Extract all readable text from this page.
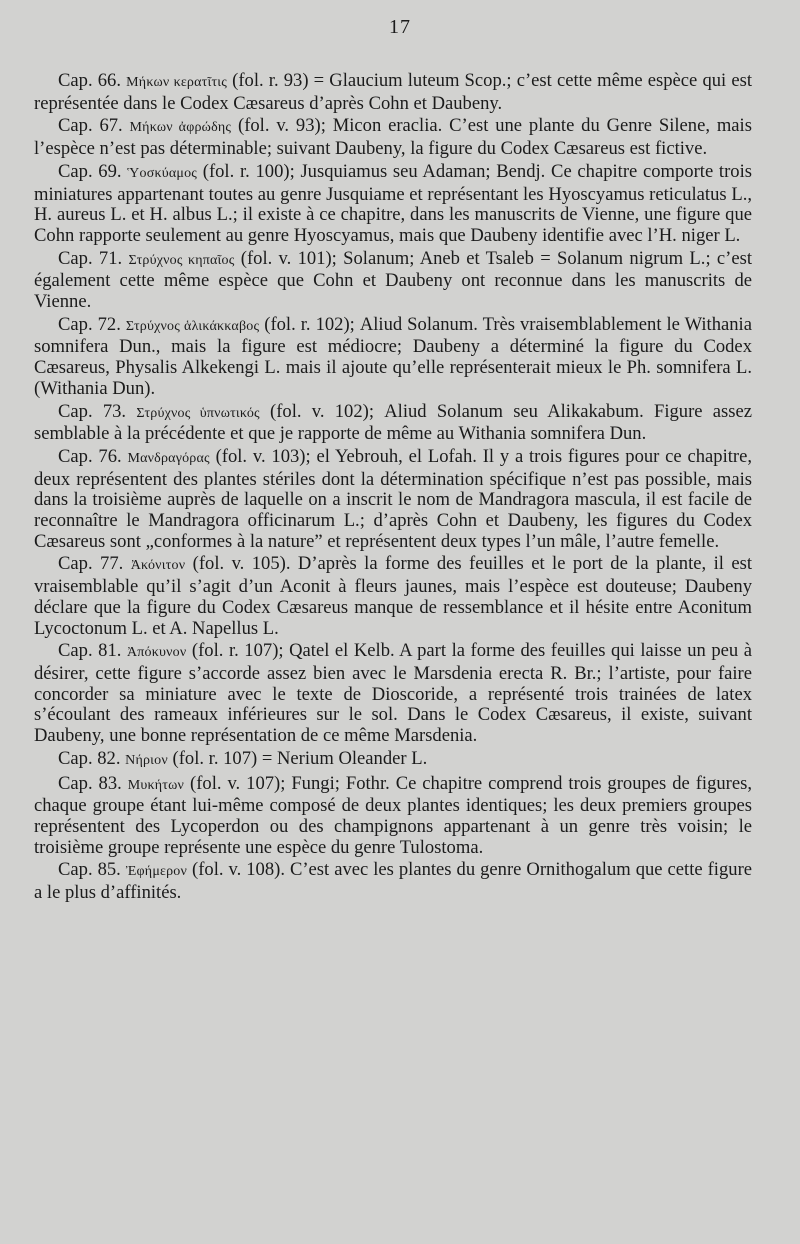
17

Cap. 66. Μήκων κερατῖτις (fol. r. 93) = Glaucium luteum Scop.; c’est cette même espèce qui est représentée dans le Codex Cæsareus d’après Cohn et Daubeny.

Cap. 67. Μήκων ἀφρώδης (fol. v. 93); Micon eraclia. C’est une plante du Genre Silene, mais l’espèce n’est pas déterminable; suivant Daubeny, la figure du Codex Cæsareus est fictive.

Cap. 69. Ὑοσκύαμος (fol. r. 100); Jusquiamus seu Adaman; Bendj. Ce chapitre comporte trois miniatures appartenant toutes au genre Jusquiame et représentant les Hyoscyamus reticulatus L., H. aureus L. et H. albus L.; il existe à ce chapitre, dans les manuscrits de Vienne, une figure que Cohn rapporte seulement au genre Hyoscyamus, mais que Daubeny identifie avec l’H. niger L.

Cap. 71. Στρύχνος κηπαῖος (fol. v. 101); Solanum; Aneb et Tsaleb = Solanum nigrum L.; c’est également cette même espèce que Cohn et Daubeny ont reconnue dans les manuscrits de Vienne.

Cap. 72. Στρύχνος ἁλικάκκαβος (fol. r. 102); Aliud Solanum. Très vraisemblablement le Withania somnifera Dun., mais la figure est médiocre; Daubeny a déterminé la figure du Codex Cæsareus, Physalis Alkekengi L. mais il ajoute qu’elle représenterait mieux le Ph. somnifera L. (Withania Dun).

Cap. 73. Στρύχνος ὑπνωτικός (fol. v. 102); Aliud Solanum seu Alikakabum. Figure assez semblable à la précédente et que je rapporte de même au Withania somnifera Dun.

Cap. 76. Μανδραγόρας (fol. v. 103); el Yebrouh, el Lofah. Il y a trois figures pour ce chapitre, deux représentent des plantes stériles dont la détermination spécifique n’est pas possible, mais dans la troisième auprès de laquelle on a inscrit le nom de Mandragora mascula, il est facile de reconnaître le Mandragora officinarum L.; d’après Cohn et Daubeny, les figures du Codex Cæsareus sont „conformes à la nature” et représentent deux types l’un mâle, l’autre femelle.

Cap. 77. Ἀκόνιτον (fol. v. 105). D’après la forme des feuilles et le port de la plante, il est vraisemblable qu’il s’agit d’un Aconit à fleurs jaunes, mais l’espèce est douteuse; Daubeny déclare que la figure du Codex Cæsareus manque de ressemblance et il hésite entre Aconitum Lycoctonum L. et A. Napellus L.

Cap. 81. Ἀπόκυνον (fol. r. 107); Qatel el Kelb. A part la forme des feuilles qui laisse un peu à désirer, cette figure s’accorde assez bien avec le Marsdenia erecta R. Br.; l’artiste, pour faire concorder sa miniature avec le texte de Dioscoride, a représenté trois trainées de latex s’écoulant des rameaux inférieures sur le sol. Dans le Codex Cæsareus, il existe, suivant Daubeny, une bonne représentation de ce même Marsdenia.

Cap. 82. Νήριον (fol. r. 107) = Nerium Oleander L.

Cap. 83. Μυκήτων (fol. v. 107); Fungi; Fothr. Ce chapitre comprend trois groupes de figures, chaque groupe étant lui-même composé de deux plantes identiques; les deux premiers groupes représentent des Lycoperdon ou des champignons appartenant à un genre très voisin; le troisième groupe représente une espèce du genre Tulostoma.

Cap. 85. Ἐφήμερον (fol. v. 108). C’est avec les plantes du genre Ornithogalum que cette figure a le plus d’affinités.
